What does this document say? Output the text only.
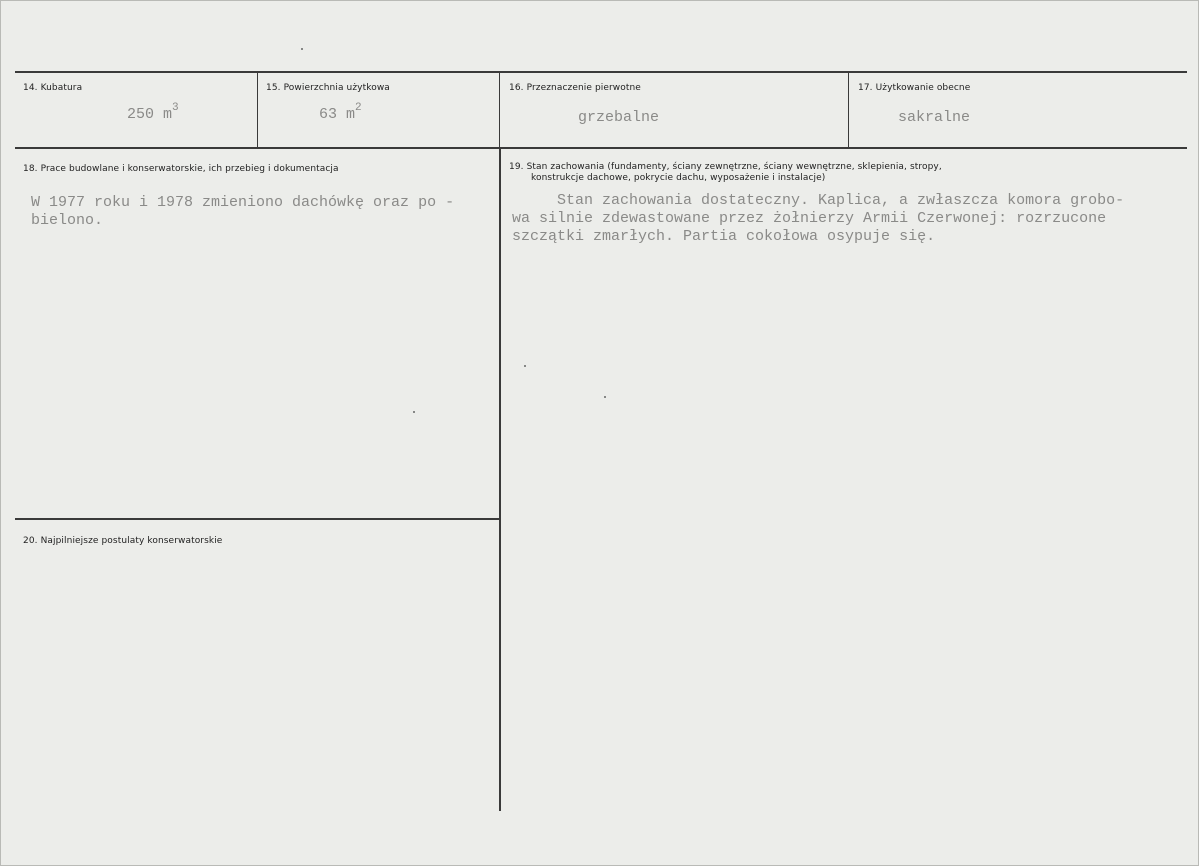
14. Kubatura
250 $m^3$
15. Powierzchnia użytkowa
63 $m^2$
16. Przeznaczenie pierwotne
grzebalne
17. Użytkowanie obecne
sakralne
18. Prace budowlane i konserwatorskie, ich przebieg i dokumentacja
W 1977 roku i 1978 zmieniono dachówkę oraz po -
bielono.
19. Stan zachowania (fundamenty, ściany zewnętrzne, ściany wewnętrzne, sklepienia, stropy,
konstrukcje dachowe, pokrycie dachu, wyposażenie i instalacje)
Stan zachowania dostateczny. Kaplica, a zwłaszcza komora grobo-
wa silnie zdewastowane przez żołnierzy Armii Czerwonej: rozrzucone
szczątki zmarłych. Partia cokołowa osypuje się.
20. Najpilniejsze postulaty konserwatorskie
